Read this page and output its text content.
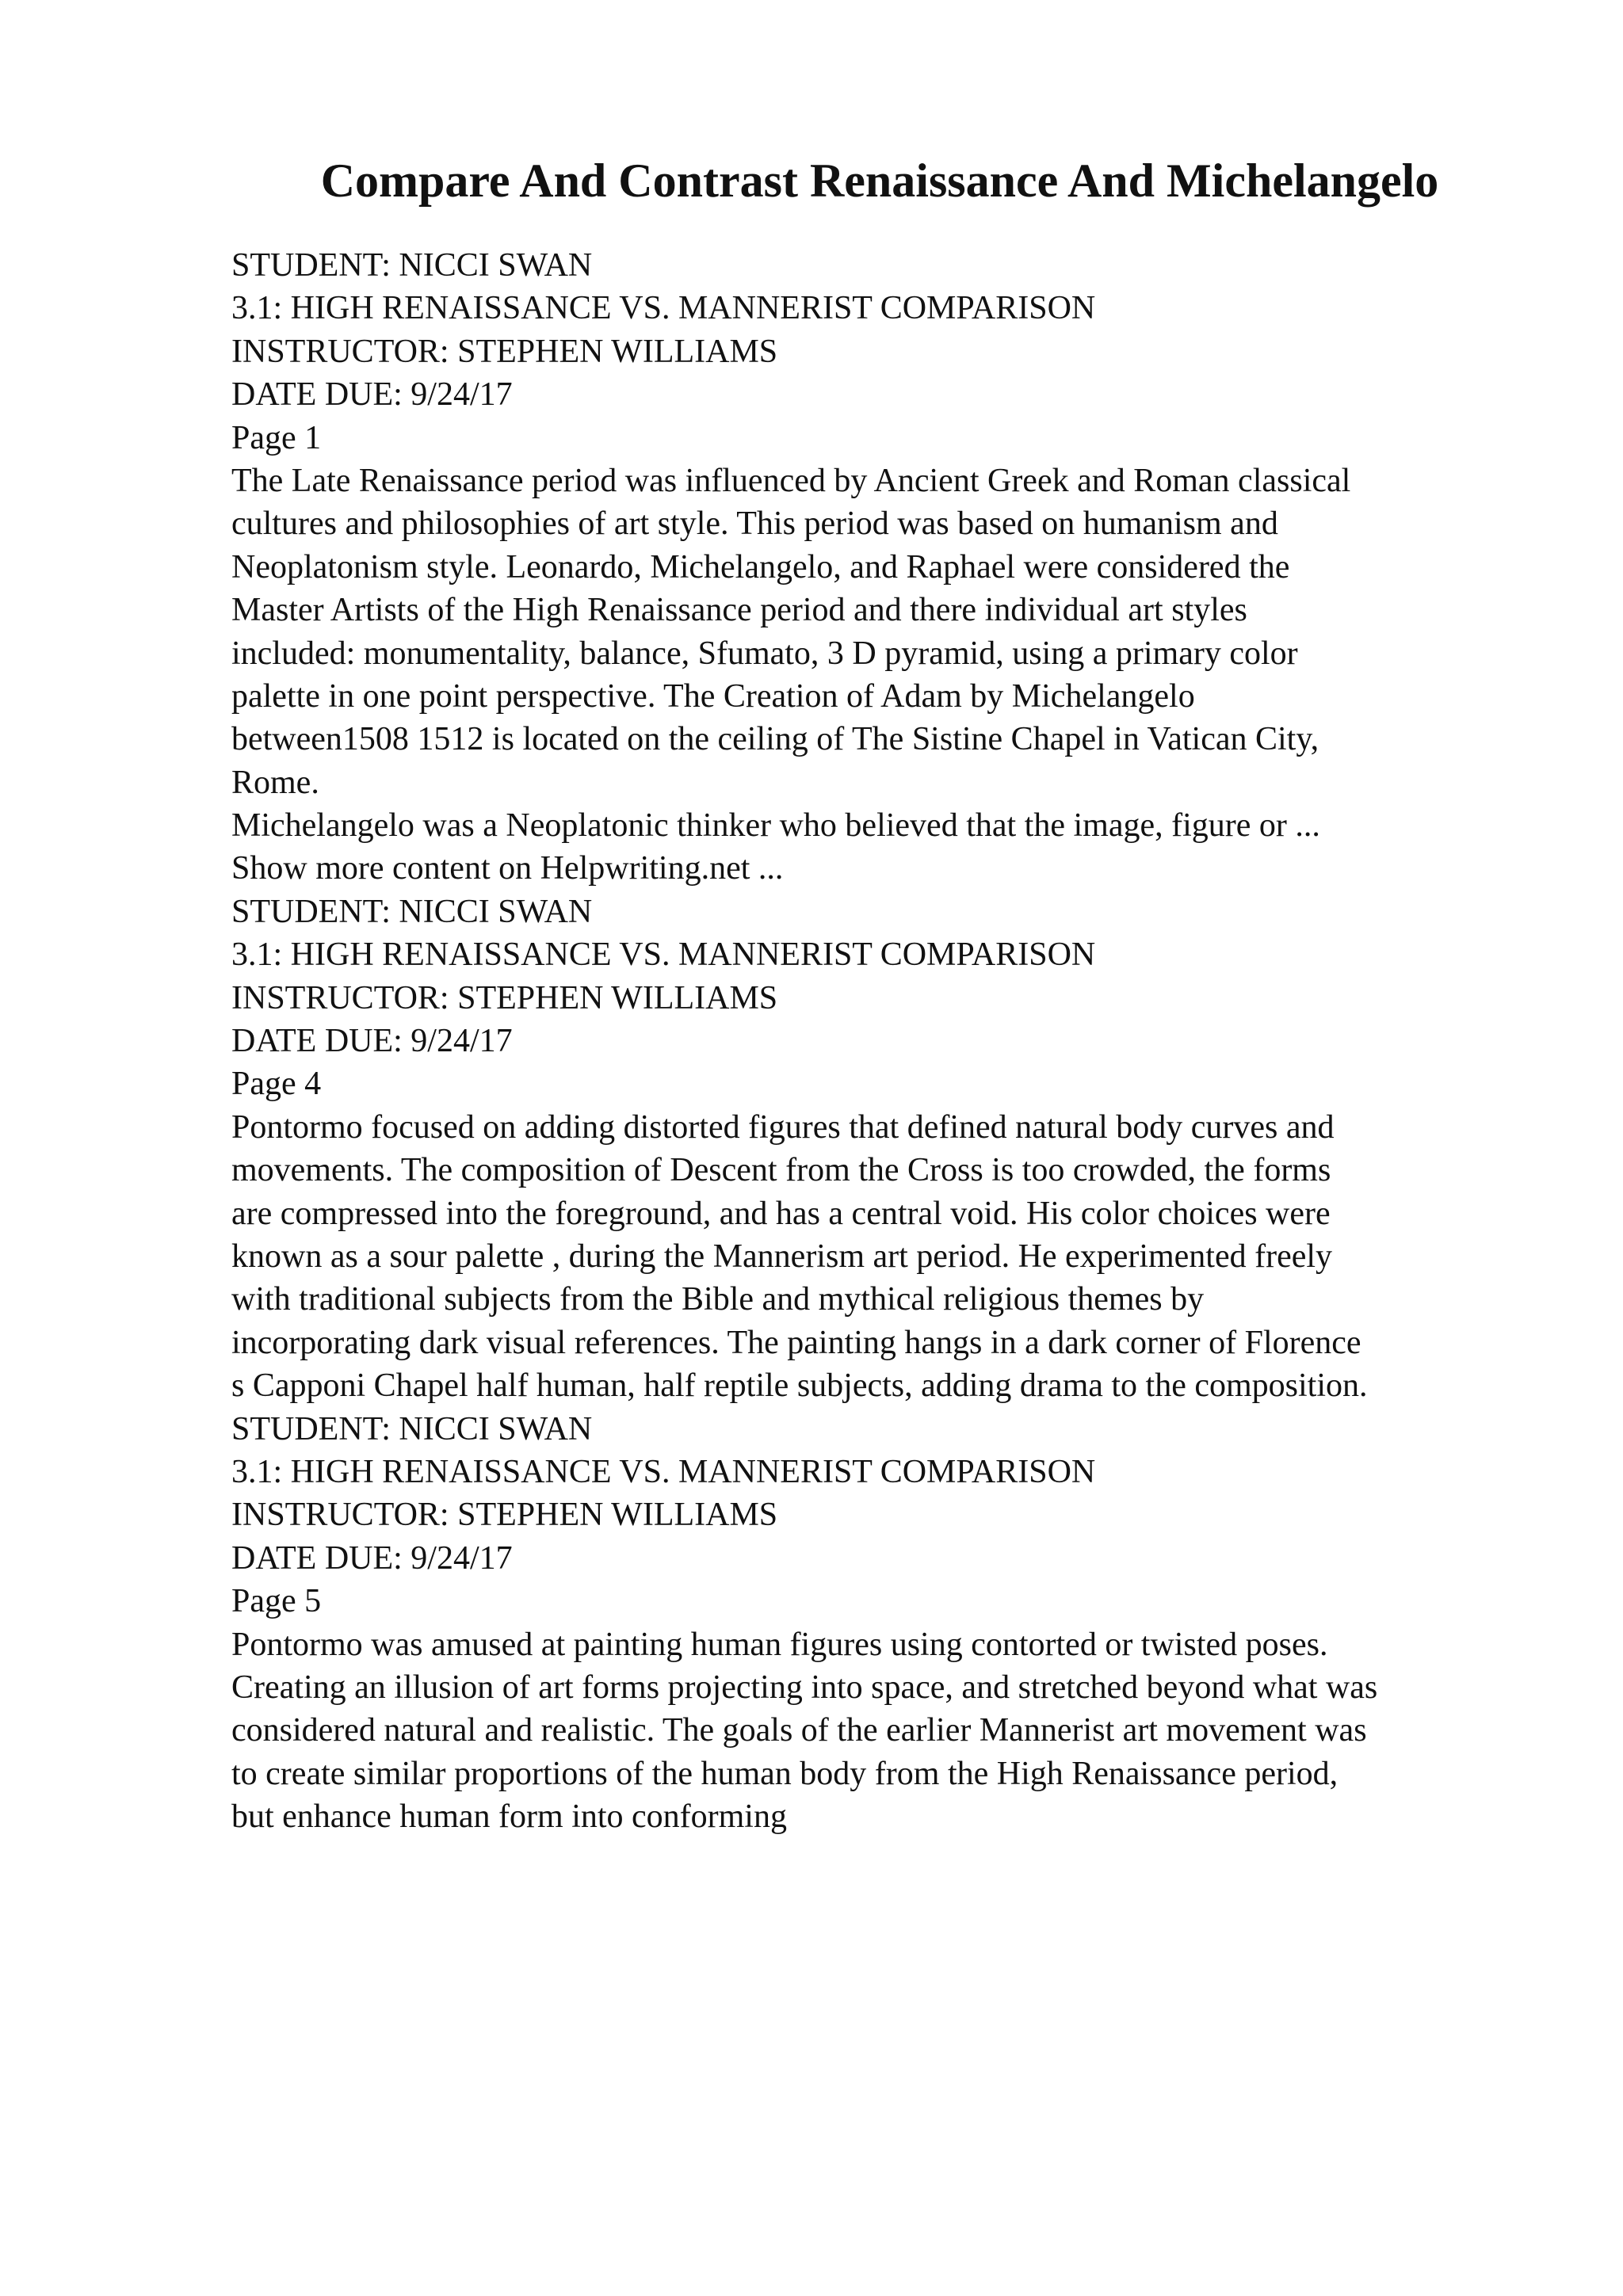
Compare And Contrast Renaissance And Michelangelo
STUDENT: NICCI SWAN
3.1: HIGH RENAISSANCE VS. MANNERIST COMPARISON
INSTRUCTOR: STEPHEN WILLIAMS
DATE DUE: 9/24/17
Page 1
The Late Renaissance period was influenced by Ancient Greek and Roman classical
cultures and philosophies of art style. This period was based on humanism and
Neoplatonism style. Leonardo, Michelangelo, and Raphael were considered the
Master Artists of the High Renaissance period and there individual art styles
included: monumentality, balance, Sfumato, 3 D pyramid, using a primary color
palette in one point perspective. The Creation of Adam by Michelangelo
between1508 1512 is located on the ceiling of The Sistine Chapel in Vatican City,
Rome.
Michelangelo was a Neoplatonic thinker who believed that the image, figure or ...
Show more content on Helpwriting.net ...
STUDENT: NICCI SWAN
3.1: HIGH RENAISSANCE VS. MANNERIST COMPARISON
INSTRUCTOR: STEPHEN WILLIAMS
DATE DUE: 9/24/17
Page 4
Pontormo focused on adding distorted figures that defined natural body curves and
movements. The composition of Descent from the Cross is too crowded, the forms
are compressed into the foreground, and has a central void. His color choices were
known as a sour palette , during the Mannerism art period. He experimented freely
with traditional subjects from the Bible and mythical religious themes by
incorporating dark visual references. The painting hangs in a dark corner of Florence
s Capponi Chapel half human, half reptile subjects, adding drama to the composition.
STUDENT: NICCI SWAN
3.1: HIGH RENAISSANCE VS. MANNERIST COMPARISON
INSTRUCTOR: STEPHEN WILLIAMS
DATE DUE: 9/24/17
Page 5
Pontormo was amused at painting human figures using contorted or twisted poses.
Creating an illusion of art forms projecting into space, and stretched beyond what was
considered natural and realistic. The goals of the earlier Mannerist art movement was
to create similar proportions of the human body from the High Renaissance period,
but enhance human form into conforming
